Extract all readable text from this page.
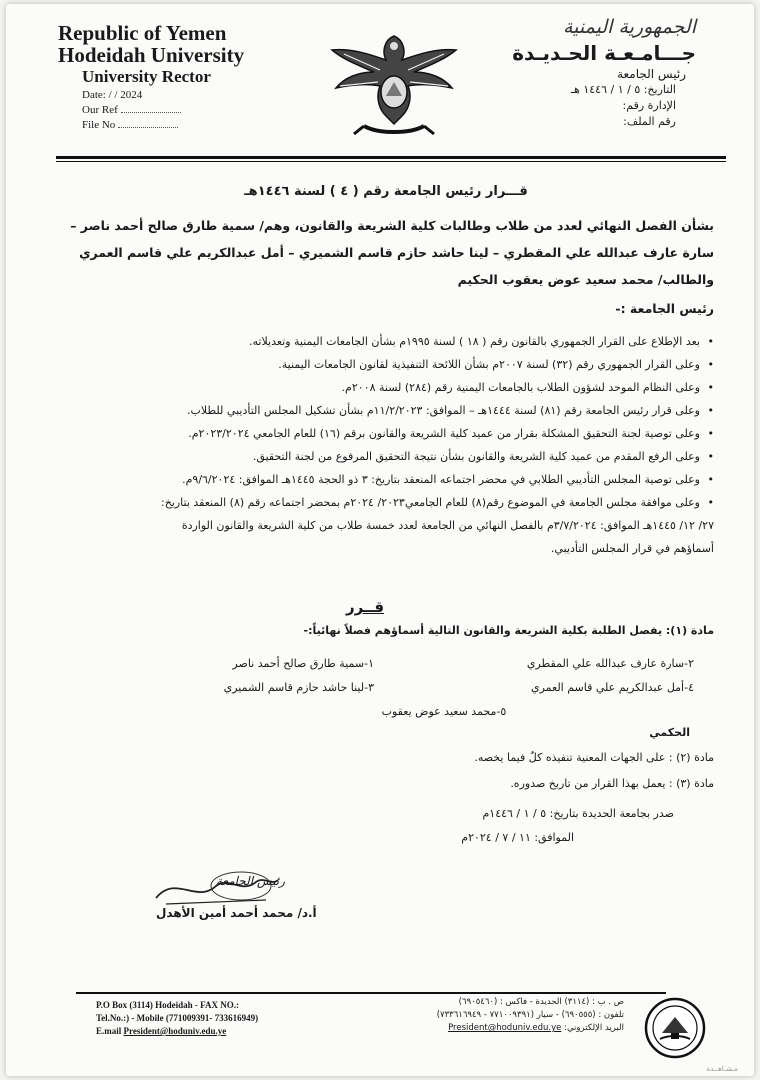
Republic of Yemen
Hodeidah University
University Rector
Date: / / 2024
Our Ref
File No
الجمهورية اليمنية
جـــامـعـة الحـديـدة
رئيس الجامعة
التاريخ: ٥ / ١ / ١٤٤٦ هـ
الإدارة رقم:
رقم الملف:
قـــرار رئيس الجامعة رقم ( ٤ ) لسنة ١٤٤٦هـ
بشأن الفصل النهائي لعدد من طلاب وطالبات كلية الشريعة والقانون، وهم/ سمية طارق صالح أحمد ناصر –
سارة عارف عبدالله علي المقطري – لينا حاشد حازم قاسم الشميري – أمل عبدالكريم علي قاسم العمري
والطالب/ محمد سعيد عوض يعقوب الحكيم
رئيس الجامعة :-
• بعد الإطلاع على القرار الجمهوري بالقانون رقم ( ١٨ ) لسنة ١٩٩٥م بشأن الجامعات اليمنية وتعديلاته.
• وعلى القرار الجمهوري رقم (٣٢) لسنة ٢٠٠٧م بشأن اللائحة التنفيذية لقانون الجامعات اليمنية.
• وعلى النظام الموحد لشؤون الطلاب بالجامعات اليمنية رقم (٢٨٤) لسنة ٢٠٠٨م.
• وعلى قرار رئيس الجامعة رقم (٨١) لسنة ١٤٤٤هـ – الموافق: ١١/٢/٢٠٢٣م بشأن تشكيل المجلس التأديبي للطلاب.
• وعلى توصية لجنة التحقيق المشكلة بقرار من عميد كلية الشريعة والقانون برقم (١٦) للعام الجامعي ٢٠٢٣/٢٠٢٤م.
• وعلى الرفع المقدم من عميد كلية الشريعة والقانون بشأن نتيجة التحقيق المرفوع من لجنة التحقيق.
• وعلى توصية المجلس التأديبي الطلابي في محضر اجتماعه المنعقد بتاريخ: ٣ ذو الحجة ١٤٤٥هـ الموافق: ٩/٦/٢٠٢٤م.
• وعلى موافقة مجلس الجامعة في الموضوع رقم(٨) للعام الجامعي٢٠٢٣/ ٢٠٢٤م بمحضر اجتماعه رقم (٨) المنعقد بتاريخ:
٢٧/ ١٢/ ١٤٤٥هـ الموافق: ٣/٧/٢٠٢٤م بالفصل النهائي من الجامعة لعدد خمسة طلاب من كلية الشريعة والقانون الواردة
أسماؤهم في قرار المجلس التأديبي.
قــرر
مادة (١): يفصل الطلبة بكلية الشريعة والقانون التالية أسماؤهم فصلاً نهائياً:-
١-سمية طارق صالح أحمد ناصر	٢-سارة عارف عبدالله علي المقطري
٣-لينا حاشد حازم قاسم الشميري	٤-أمل عبدالكريم علي قاسم العمري
٥-محمد سعيد عوض يعقوب
الحكمي
مادة (٢) : على الجهات المعنية تنفيذه كلٌ فيما يخصه.
مادة (٣) : يعمل بهذا القرار من تاريخ صدوره.
صدر بجامعة الحديدة بتاريخ: ٥ / ١ / ١٤٤٦م
الموافق: ١١ / ٧ / ٢٠٢٤م
رئيس الجامعة
أ.د/ محمد أحمد أمين الأهدل
P.O Box (3114) Hodeidah - FAX NO.:
Tel.No.:) - Mobile (771009391- 733616949)
E.mail President@hoduniv.edu.ye
ص . ب : (٣١١٤) الحديدة - فاكس : (٦٩٠٥٤٦٠)
تلفون : (٦٩٠٥٥٥) - سيار (٧٧١٠٠٩٣٩١ - ٧٣٣٦١٦٩٤٩)
البريد الإلكتروني: President@hoduniv.edu.ye
مـشـاهــدة
